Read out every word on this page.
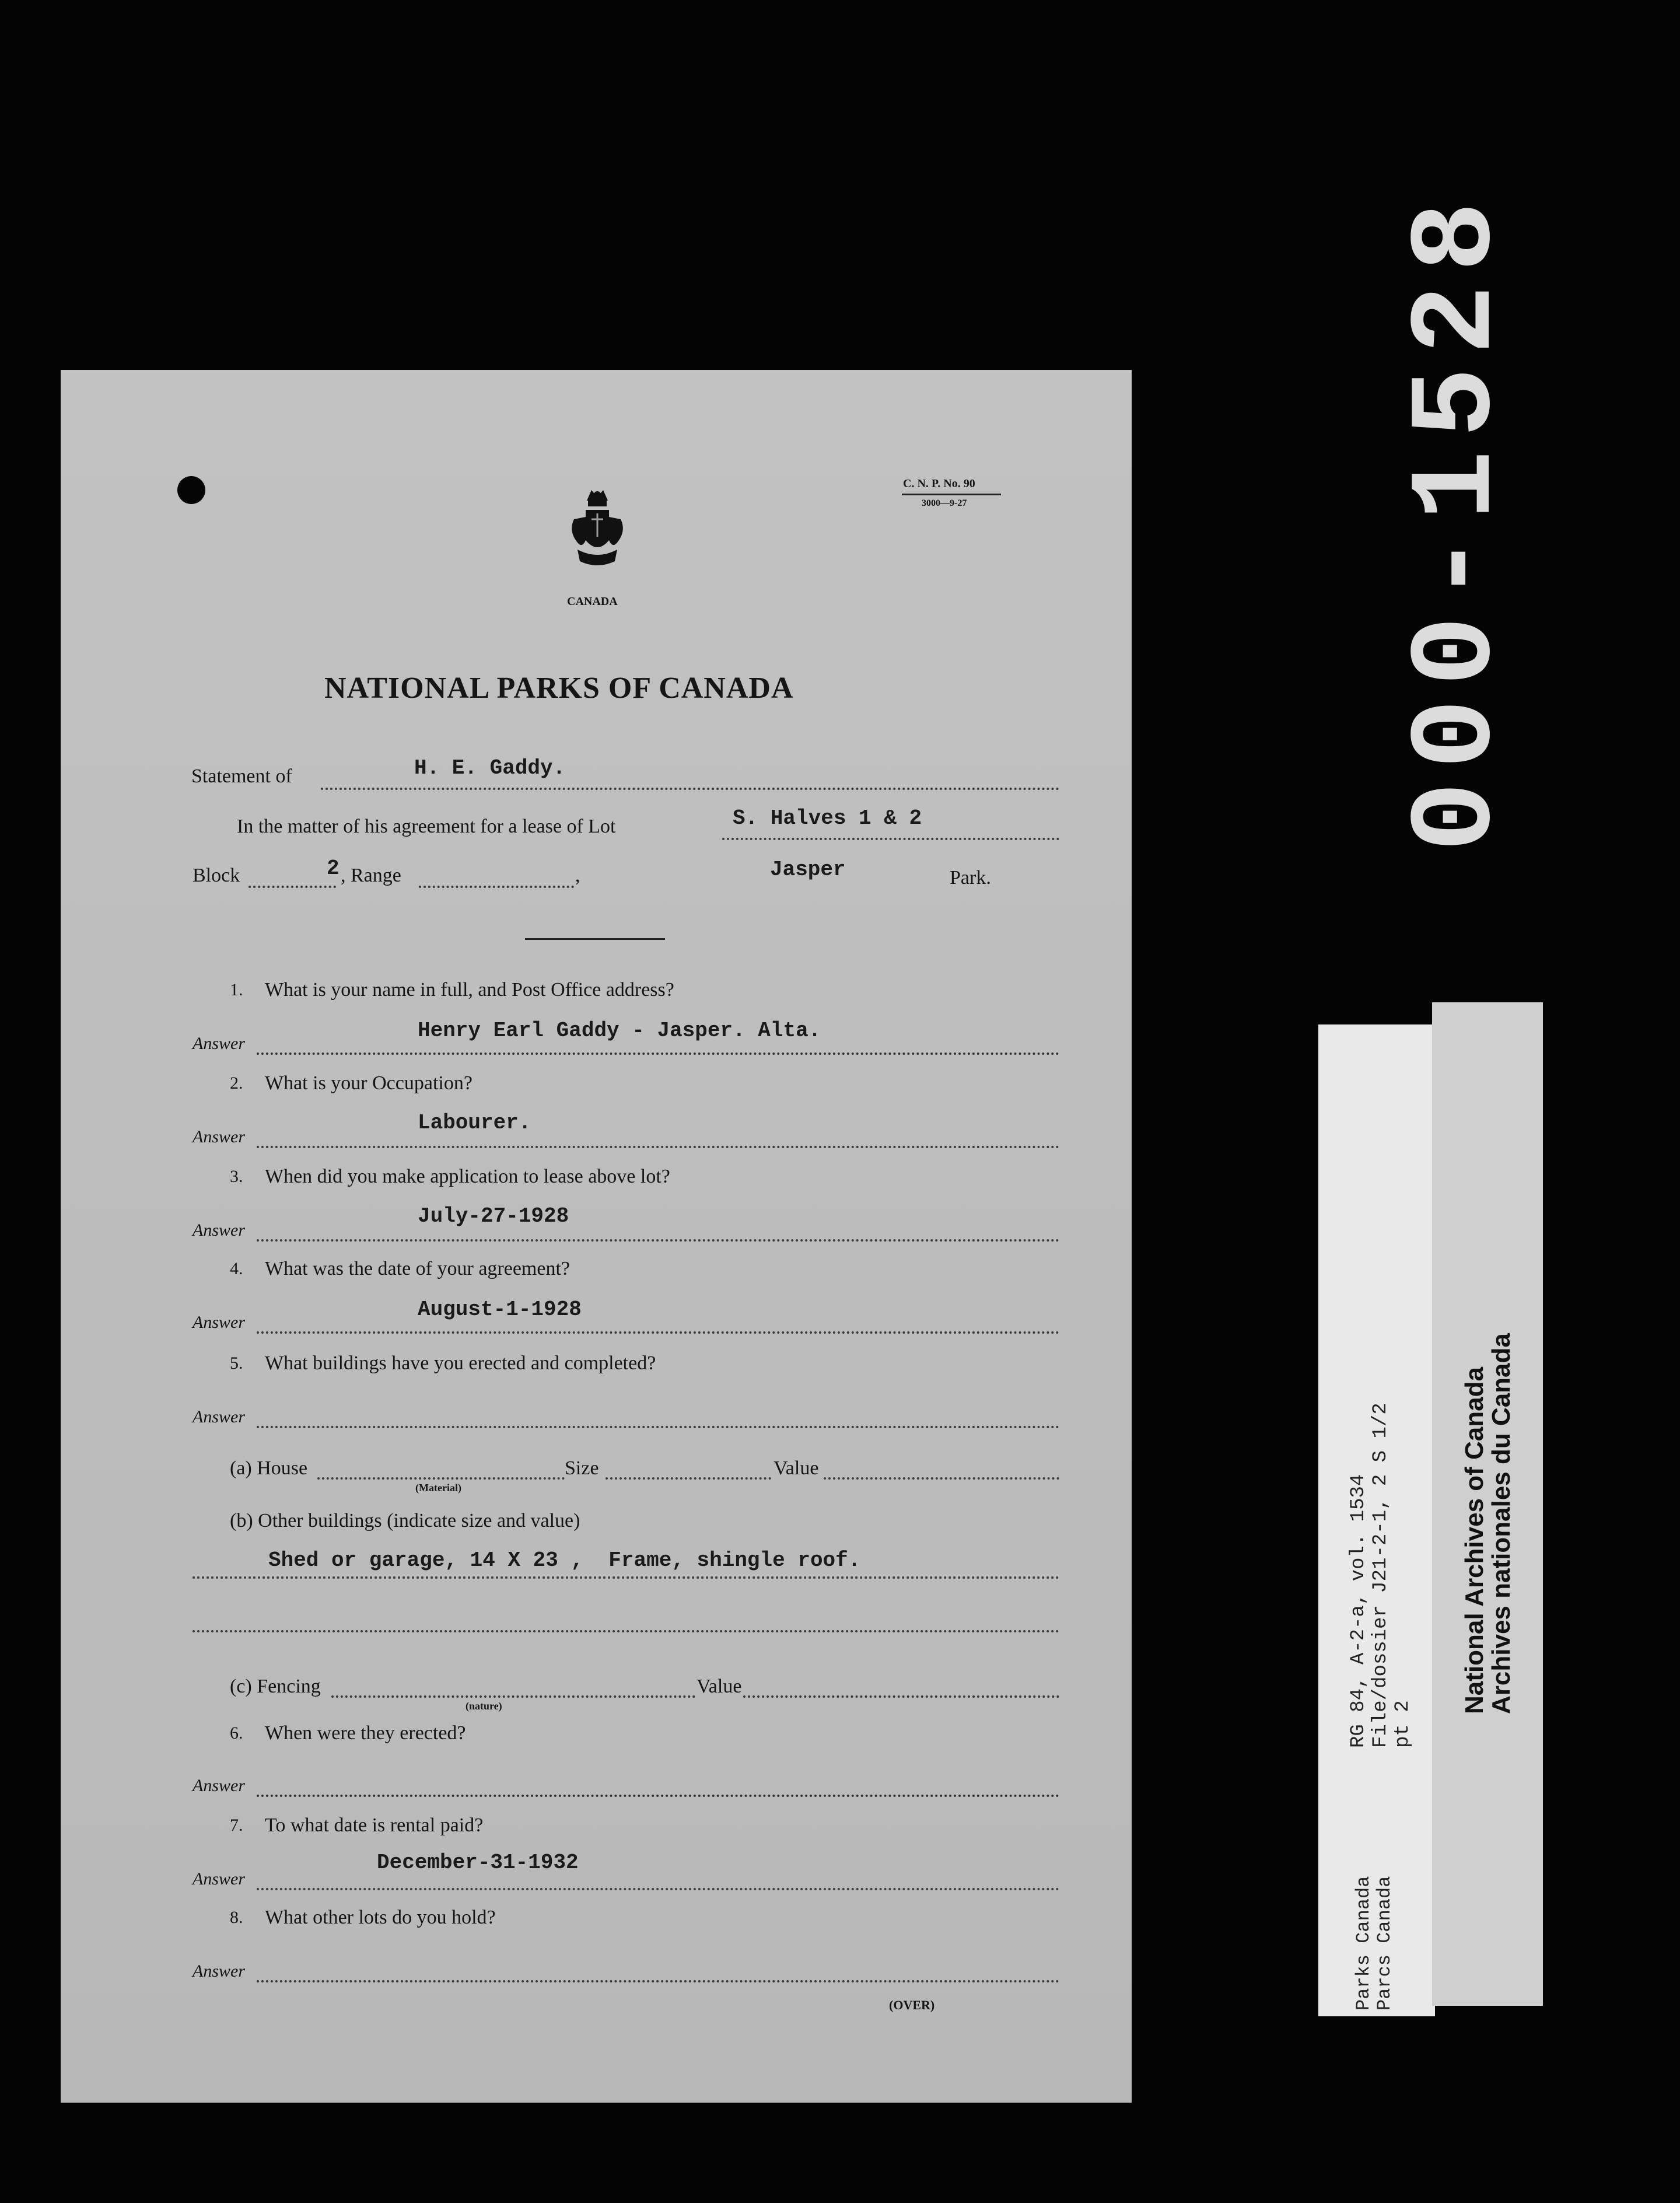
000-1528
RG 84, A-2-a, vol. 1534 File/dossier J21-2-1, 2 S 1/2 pt 2
Parks Canada Parcs Canada
National Archives of Canada
Archives nationales du Canada
C. N. P. No. 90
3000—9-27
CANADA
NATIONAL PARKS OF CANADA
Statement of	H. E. Gaddy.
In the matter of his agreement for a lease of Lot	S. Halves 1 & 2
Block	2 , Range	,	Jasper	Park.
1. What is your name in full, and Post Office address?
Answer
Henry Earl Gaddy - Jasper. Alta.
2. What is your Occupation?
Answer
Labourer.
3. When did you make application to lease above lot?
Answer
July-27-1928
4. What was the date of your agreement?
Answer
August-1-1928
5. What buildings have you erected and completed?
Answer
(a) House
(Material)
Size	Value
(b) Other buildings (indicate size and value)
Shed or garage, 14 X 23 ,  Frame, shingle roof.
(c) Fencing
(nature)
Value
6. When were they erected?
Answer
7. To what date is rental paid?
Answer
December-31-1932
8. What other lots do you hold?
Answer
(OVER)
